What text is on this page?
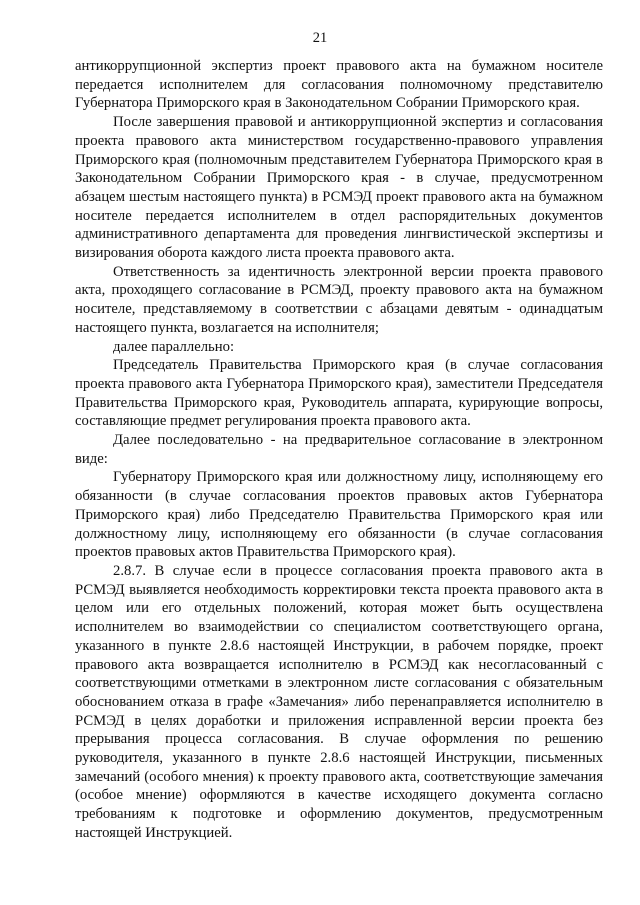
21

антикоррупционной экспертиз проект правового акта на бумажном носителе передается исполнителем для согласования полномочному представителю Губернатора Приморского края в Законодательном Собрании Приморского края.

После завершения правовой и антикоррупционной экспертиз и согласования проекта правового акта министерством государственно-правового управления Приморского края (полномочным представителем Губернатора Приморского края в Законодательном Собрании Приморского края - в случае, предусмотренном абзацем шестым настоящего пункта) в РСМЭД проект правового акта на бумажном носителе передается исполнителем в отдел распорядительных документов административного департамента для проведения лингвистической экспертизы и визирования оборота каждого листа проекта правового акта.

Ответственность за идентичность электронной версии проекта правового акта, проходящего согласование в РСМЭД, проекту правового акта на бумажном носителе, представляемому в соответствии с абзацами девятым - одинадцатым настоящего пункта, возлагается на исполнителя;

далее параллельно:

Председатель Правительства Приморского края (в случае согласования проекта правового акта Губернатора Приморского края), заместители Председателя Правительства Приморского края, Руководитель аппарата, курирующие вопросы, составляющие предмет регулирования проекта правового акта.

Далее последовательно - на предварительное согласование в электронном виде:

Губернатору Приморского края или должностному лицу, исполняющему его обязанности (в случае согласования проектов правовых актов Губернатора Приморского края) либо Председателю Правительства Приморского края или должностному лицу, исполняющему его обязанности (в случае согласования проектов правовых актов Правительства Приморского края).

2.8.7. В случае если в процессе согласования проекта правового акта в РСМЭД выявляется необходимость корректировки текста проекта правового акта в целом или его отдельных положений, которая может быть осуществлена исполнителем во взаимодействии со специалистом соответствующего органа, указанного в пункте 2.8.6 настоящей Инструкции, в рабочем порядке, проект правового акта возвращается исполнителю в РСМЭД как несогласованный с соответствующими отметками в электронном листе согласования с обязательным обоснованием отказа в графе «Замечания» либо перенаправляется исполнителю в РСМЭД в целях доработки и приложения исправленной версии проекта без прерывания процесса согласования. В случае оформления по решению руководителя, указанного в пункте 2.8.6 настоящей Инструкции, письменных замечаний (особого мнения) к проекту правового акта, соответствующие замечания (особое мнение) оформляются в качестве исходящего документа согласно требованиям к подготовке и оформлению документов, предусмотренным настоящей Инструкцией.
